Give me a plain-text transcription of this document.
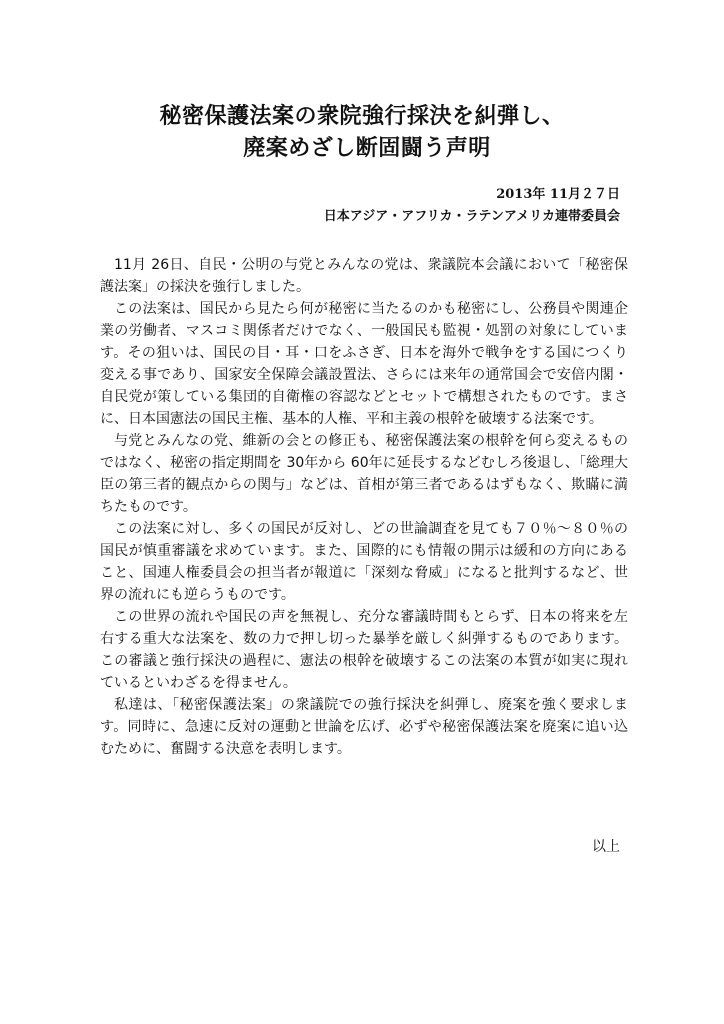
秘密保護法案の衆院強行採決を糾弾し、
廃案めざし断固闘う声明
2013年 11月２７日
日本アジア・アフリカ・ラテンアメリカ連帯委員会

11月 26日、自民・公明の与党とみんなの党は、衆議院本会議において「秘密保護法案」の採決を強行しました。

この法案は、国民から見たら何が秘密に当たるのかも秘密にし、公務員や関連企業の労働者、マスコミ関係者だけでなく、一般国民も監視・処罰の対象にしています。その狙いは、国民の目・耳・口をふさぎ、日本を海外で戦争をする国につくり変える事であり、国家安全保障会議設置法、さらには来年の通常国会で安倍内閣・自民党が策している集団的自衛権の容認などとセットで構想されたものです。まさに、日本国憲法の国民主権、基本的人権、平和主義の根幹を破壊する法案です。

与党とみんなの党、維新の会との修正も、秘密保護法案の根幹を何ら変えるものではなく、秘密の指定期間を 30年から 60年に延長するなどむしろ後退し、「総理大臣の第三者的観点からの関与」などは、首相が第三者であるはずもなく、欺瞞に満ちたものです。

この法案に対し、多くの国民が反対し、どの世論調査を見ても７０％～８０％の国民が慎重審議を求めています。また、国際的にも情報の開示は緩和の方向にあること、国連人権委員会の担当者が報道に「深刻な脅威」になると批判するなど、世界の流れにも逆らうものです。

この世界の流れや国民の声を無視し、充分な審議時間もとらず、日本の将来を左右する重大な法案を、数の力で押し切った暴挙を厳しく糾弾するものであります。この審議と強行採決の過程に、憲法の根幹を破壊するこの法案の本質が如実に現れているといわざるを得ません。

私達は、「秘密保護法案」の衆議院での強行採決を糾弾し、廃案を強く要求します。同時に、急速に反対の運動と世論を広げ、必ずや秘密保護法案を廃案に追い込むために、奮闘する決意を表明します。

以上
